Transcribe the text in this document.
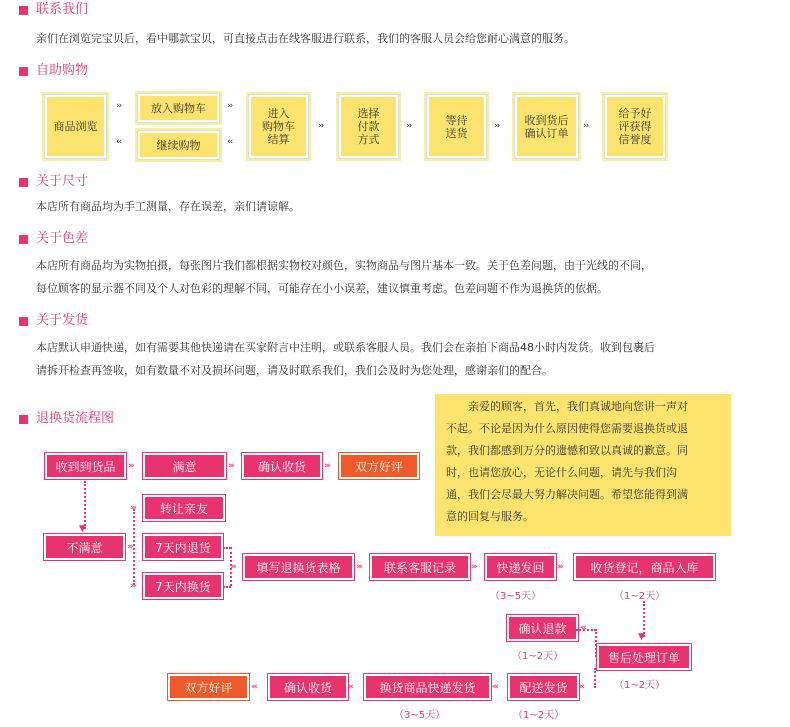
联系我们
亲们在浏览完宝贝后，看中哪款宝贝，可直接点击在线客服进行联系，我们的客服人员会给您耐心满意的服务。
自助购物
商品浏览
››
‹‹
放入购物车
继续购物
››
‹‹
进入
购物车
结算
››
选择
付款
方式
››	等待
送货
›› 收到货后
确认订单
››
给予好
评获得
信誉度
关于尺寸
本店所有商品均为手工测量，存在误差，亲们请谅解。
关于色差
本店所有商品均为实物拍摄，每张图片我们都根据实物校对颜色，实物商品与图片基本一致。关于色差问题，由于光线的不同，
每位顾客的显示器不同及个人对色彩的理解不同，可能存在小小误差，建议慎重考虑。色差问题不作为退换货的依据。
关于发货
本店默认申通快递，如有需要其他快递请在买家附言中注明，或联系客服人员。我们会在亲拍下商品48小时内发货。收到包裹后
请拆开检查再签收，如有数量不对及损坏问题，请及时联系我们，我们会及时为您处理，感谢亲们的配合。
退换货流程图
亲爱的顾客，首先，我们真诚地向您讲一声对
不起。不论是因为什么原因使得您需要退换货或退
款，我们都感到万分的遗憾和致以真诚的歉意。同
时，也请您放心，无论什么问题，请先与我们沟
通，我们会尽最大努力解决问题。希望您能得到满
意的回复与服务。
收到到货品	›››	满意	›››	确认收货	›››	双方好评
▼
不满意	›››
›››
›››
转让亲友
7天内退货
7天内换货
›››	填写退换货表格	›››	联系客服记录	›››	快递发回
（3~5天）
›››	收货登记，商品入库
（1~2天）
▼
确认退款
（1~2天）
‹‹‹
售后处理订单
（1~2天）
‹‹‹
配送发货
（1~2天）
‹‹‹
换货商品快递发货
（3~5天）
‹‹‹
确认收货
‹‹‹
双方好评
